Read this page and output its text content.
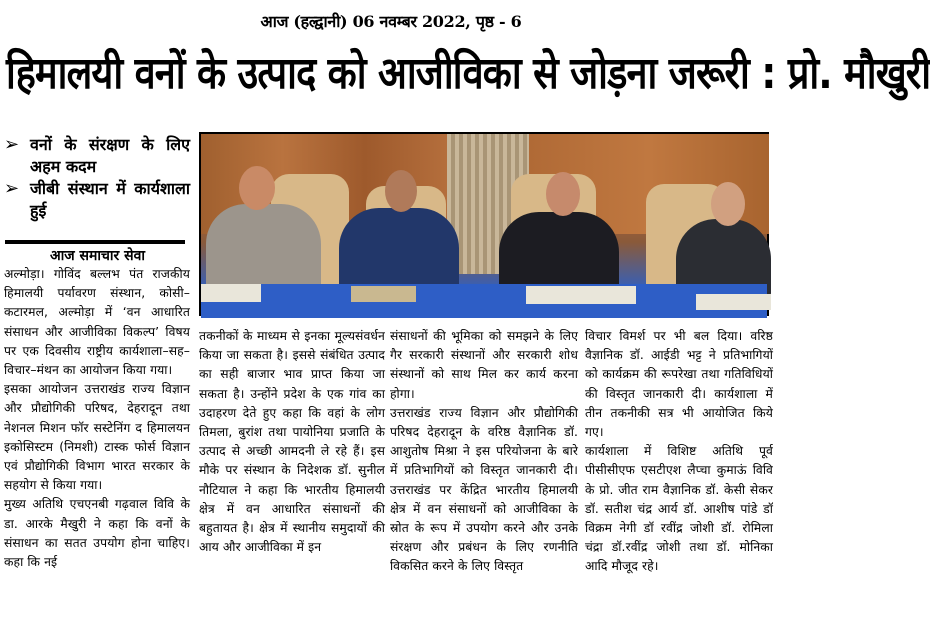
आज (हल्द्वानी) 06 नवम्बर 2022, पृष्ठ - 6
हिमालयी वनों के उत्पाद को आजीविका से जोड़ना जरूरी : प्रो. मौखुरी
➢ वनों के संरक्षण के लिए अहम कदम
➢ जीबी संस्थान में कार्यशाला हुई
आज समाचार सेवा

अल्मोड़ा। गोविंद बल्लभ पंत राजकीय हिमालयी पर्यावरण संस्थान, कोसी–कटारमल, अल्मोड़ा में ‘वन आधारित संसाधन और आजीविका विकल्प’ विषय पर एक दिवसीय राष्ट्रीय कार्यशाला–सह–विचार–मंथन का आयोजन किया गया।

इसका आयोजन उत्तराखंड राज्य विज्ञान और प्रौद्योगिकी परिषद, देहरादून तथा नेशनल मिशन फॉर सस्टेनिंग द हिमालयन इकोसिस्टम (निमशी) टास्क फोर्स विज्ञान एवं प्रौद्योगिकी विभाग भारत सरकार के सहयोग से किया गया।

मुख्य अतिथि एचएनबी गढ़वाल विवि के डा. आरके मैखुरी ने कहा कि वनों के संसाधन का सतत उपयोग होना चाहिए। कहा कि नई

तकनीकों के माध्यम से इनका मूल्यसंवर्धन किया जा सकता है। इससे संबंधित उत्पाद का सही बाजार भाव प्राप्त किया जा सकता है। उन्होंने प्रदेश के एक गांव का उदाहरण देते हुए कहा कि वहां के लोग तिमला, बुरांश तथा पायोनिया प्रजाति के उत्पाद से अच्छी आमदनी ले रहे हैं। इस मौके पर संस्थान के निदेशक डॉ. सुनील नौटियाल ने कहा कि भारतीय हिमालयी क्षेत्र में वन आधारित संसाधनों की बहुतायत है। क्षेत्र में स्थानीय समुदायों की आय और आजीविका में इन

संसाधनों की भूमिका को समझने के लिए गैर सरकारी संस्थानों और सरकारी शोध संस्थानों को साथ मिल कर कार्य करना होगा।

उत्तराखंड राज्य विज्ञान और प्रौद्योगिकी परिषद देहरादून के वरिष्ठ वैज्ञानिक डॉ. आशुतोष मिश्रा ने इस परियोजना के बारे में प्रतिभागियों को विस्तृत जानकारी दी। उत्तराखंड पर केंद्रित भारतीय हिमालयी क्षेत्र में वन संसाधनों को आजीविका के स्रोत के रूप में उपयोग करने और उनके संरक्षण और प्रबंधन के लिए रणनीति विकसित करने के लिए विस्तृत

विचार विमर्श पर भी बल दिया। वरिष्ठ वैज्ञानिक डॉ. आईडी भट्ट ने प्रतिभागियों को कार्यक्रम की रूपरेखा तथा गतिविधियों की विस्तृत जानकारी दी। कार्यशाला में तीन तकनीकी सत्र भी आयोजित किये गए।

कार्यशाला में विशिष्ट अतिथि पूर्व पीसीसीएफ एसटीएश लैप्चा कुमाऊं विवि के प्रो. जीत राम वैज्ञानिक डॉ. केसी सेकर डॉ. सतीश चंद्र आर्य डॉ. आशीष पांडे डॉ विक्रम नेगी डॉ रवींद्र जोशी डॉ. रोमिला चंद्रा डॉ.रवींद्र जोशी तथा डॉ. मोनिका आदि मौजूद रहे।
